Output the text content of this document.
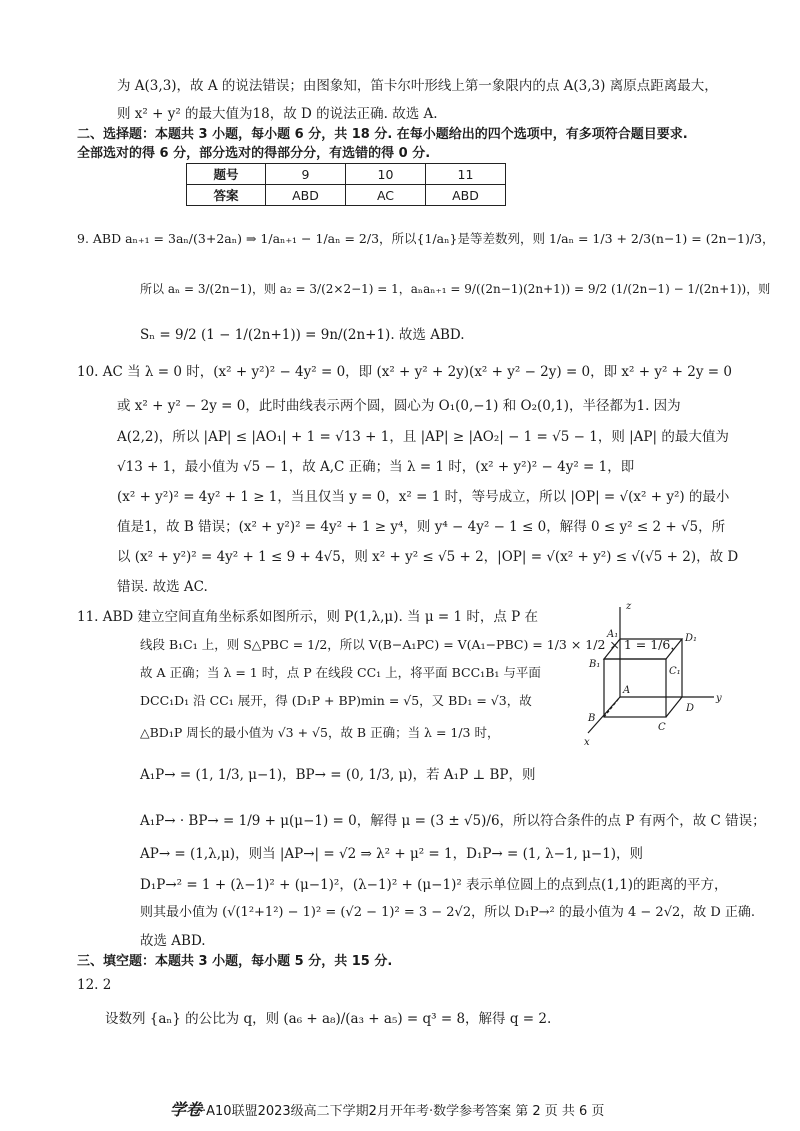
为 A(3,3)，故 A 的说法错误；由图象知，笛卡尔叶形线上第一象限内的点 A(3,3) 离原点距离最大，
则 x² + y² 的最大值为18，故 D 的说法正确. 故选 A.
二、选择题：本题共 3 小题，每小题 6 分，共 18 分. 在每小题给出的四个选项中，有多项符合题目要求.
全部选对的得 6 分，部分选对的得部分分，有选错的得 0 分.
题号	9	10	11
答案	ABD	AC	ABD
9. ABD aₙ₊₁ = 3aₙ/(3+2aₙ) ⇒ 1/aₙ₊₁ − 1/aₙ = 2/3，所以{1/aₙ}是等差数列，则 1/aₙ = 1/3 + 2/3(n−1) = (2n−1)/3，
所以 aₙ = 3/(2n−1)，则 a₂ = 3/(2×2−1) = 1，aₙaₙ₊₁ = 9/((2n−1)(2n+1)) = 9/2 (1/(2n−1) − 1/(2n+1))，则
Sₙ = 9/2 (1 − 1/(2n+1)) = 9n/(2n+1). 故选 ABD.
10. AC 当 λ = 0 时，(x² + y²)² − 4y² = 0，即 (x² + y² + 2y)(x² + y² − 2y) = 0，即 x² + y² + 2y = 0
或 x² + y² − 2y = 0，此时曲线表示两个圆，圆心为 O₁(0,−1) 和 O₂(0,1)，半径都为1. 因为
A(2,2)，所以 |AP| ≤ |AO₁| + 1 = √13 + 1，且 |AP| ≥ |AO₂| − 1 = √5 − 1，则 |AP| 的最大值为
√13 + 1，最小值为 √5 − 1，故 A,C 正确；当 λ = 1 时，(x² + y²)² − 4y² = 1，即
(x² + y²)² = 4y² + 1 ≥ 1，当且仅当 y = 0，x² = 1 时，等号成立，所以 |OP| = √(x² + y²) 的最小
值是1，故 B 错误；(x² + y²)² = 4y² + 1 ≥ y⁴，则 y⁴ − 4y² − 1 ≤ 0，解得 0 ≤ y² ≤ 2 + √5，所
以 (x² + y²)² = 4y² + 1 ≤ 9 + 4√5，则 x² + y² ≤ √5 + 2，|OP| = √(x² + y²) ≤ √(√5 + 2)，故 D
错误. 故选 AC.
11. ABD 建立空间直角坐标系如图所示，则 P(1,λ,μ). 当 μ = 1 时，点 P 在
线段 B₁C₁ 上，则 S△PBC = 1/2，所以 V(B−A₁PC) = V(A₁−PBC) = 1/3 × 1/2 × 1 = 1/6，
故 A 正确；当 λ = 1 时，点 P 在线段 CC₁ 上，将平面 BCC₁B₁ 与平面
DCC₁D₁ 沿 CC₁ 展开，得 (D₁P + BP)min = √5，又 BD₁ = √3，故
△BD₁P 周长的最小值为 √3 + √5，故 B 正确；当 λ = 1/3 时，
A₁P→ = (1, 1/3, μ−1)，BP→ = (0, 1/3, μ)，若 A₁P ⊥ BP，则
A₁P→ · BP→ = 1/9 + μ(μ−1) = 0，解得 μ = (3 ± √5)/6，所以符合条件的点 P 有两个，故 C 错误；
AP→ = (1,λ,μ)，则当 |AP→| = √2 ⇒ λ² + μ² = 1，D₁P→ = (1, λ−1, μ−1)，则
D₁P→² = 1 + (λ−1)² + (μ−1)²，(λ−1)² + (μ−1)² 表示单位圆上的点到点(1,1)的距离的平方，
则其最小值为 (√(1²+1²) − 1)² = (√2 − 1)² = 3 − 2√2，所以 D₁P→² 的最小值为 4 − 2√2，故 D 正确.
故选 ABD.
z
A₁	D₁
B₁
C₁
A
D
y
B
C
x
三、填空题：本题共 3 小题，每小题 5 分，共 15 分.
12. 2
设数列 {aₙ} 的公比为 q，则 (a₆ + a₈)/(a₃ + a₅) = q³ = 8，解得 q = 2.
学卷·A10联盟2023级高二下学期2月开年考·数学参考答案 第 2 页 共 6 页
